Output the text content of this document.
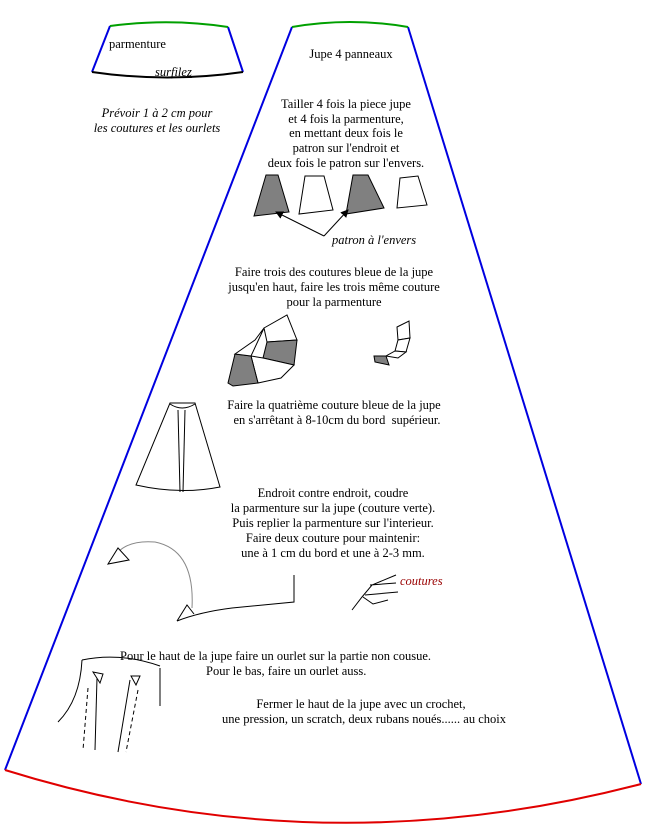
parmenture
surfilez
Prévoir 1 à 2 cm pour
les coutures et les ourlets
Jupe 4 panneaux
Tailler 4 fois la piece jupe
et 4 fois la parmenture,
en mettant deux fois le
patron sur l'endroit et
deux fois le patron sur l'envers.
patron à l'envers
Faire trois des coutures bleue de la jupe
jusqu'en haut, faire les trois même couture
pour la parmenture
Faire la quatrième couture bleue de la jupe
en s'arrêtant à 8-10cm du bord  supérieur.
Endroit contre endroit, coudre
la parmenture sur la jupe (couture verte).
Puis replier la parmenture sur l'interieur.
Faire deux couture pour maintenir:
une à 1 cm du bord et une à 2-3 mm.
coutures
Pour le haut de la jupe faire un ourlet sur la partie non cousue.
Pour le bas, faire un ourlet auss.
Fermer le haut de la jupe avec un crochet,
une pression, un scratch, deux rubans noués...... au choix
